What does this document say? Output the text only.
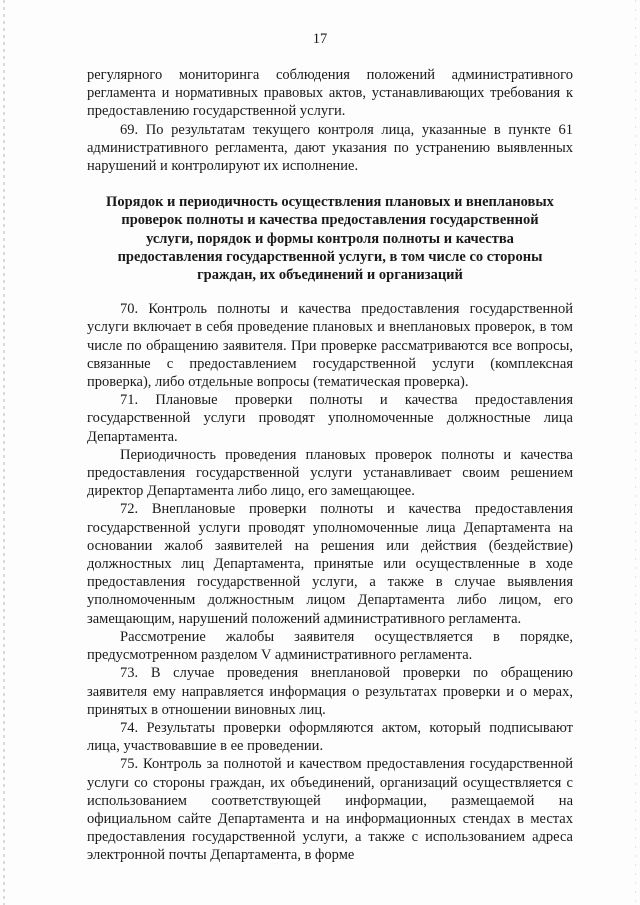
17

регулярного мониторинга соблюдения положений административного регламента и нормативных правовых актов, устанавливающих требования к предоставлению государственной услуги.

69. По результатам текущего контроля лица, указанные в пункте 61 административного регламента, дают указания по устранению выявленных нарушений и контролируют их исполнение.

Порядок и периодичность осуществления плановых и внеплановых проверок полноты и качества предоставления государственной услуги, порядок и формы контроля полноты и качества предоставления государственной услуги, в том числе со стороны граждан, их объединений и организаций

70. Контроль полноты и качества предоставления государственной услуги включает в себя проведение плановых и внеплановых проверок, в том числе по обращению заявителя. При проверке рассматриваются все вопросы, связанные с предоставлением государственной услуги (комплексная проверка), либо отдельные вопросы (тематическая проверка).

71. Плановые проверки полноты и качества предоставления государственной услуги проводят уполномоченные должностные лица Департамента.

Периодичность проведения плановых проверок полноты и качества предоставления государственной услуги устанавливает своим решением директор Департамента либо лицо, его замещающее.

72. Внеплановые проверки полноты и качества предоставления государственной услуги проводят уполномоченные лица Департамента на основании жалоб заявителей на решения или действия (бездействие) должностных лиц Департамента, принятые или осуществленные в ходе предоставления государственной услуги, а также в случае выявления уполномоченным должностным лицом Департамента либо лицом, его замещающим, нарушений положений административного регламента.

Рассмотрение жалобы заявителя осуществляется в порядке, предусмотренном разделом V административного регламента.

73. В случае проведения внеплановой проверки по обращению заявителя ему направляется информация о результатах проверки и о мерах, принятых в отношении виновных лиц.

74. Результаты проверки оформляются актом, который подписывают лица, участвовавшие в ее проведении.

75. Контроль за полнотой и качеством предоставления государственной услуги со стороны граждан, их объединений, организаций осуществляется с использованием соответствующей информации, размещаемой на официальном сайте Департамента и на информационных стендах в местах предоставления государственной услуги, а также с использованием адреса электронной почты Департамента, в форме
